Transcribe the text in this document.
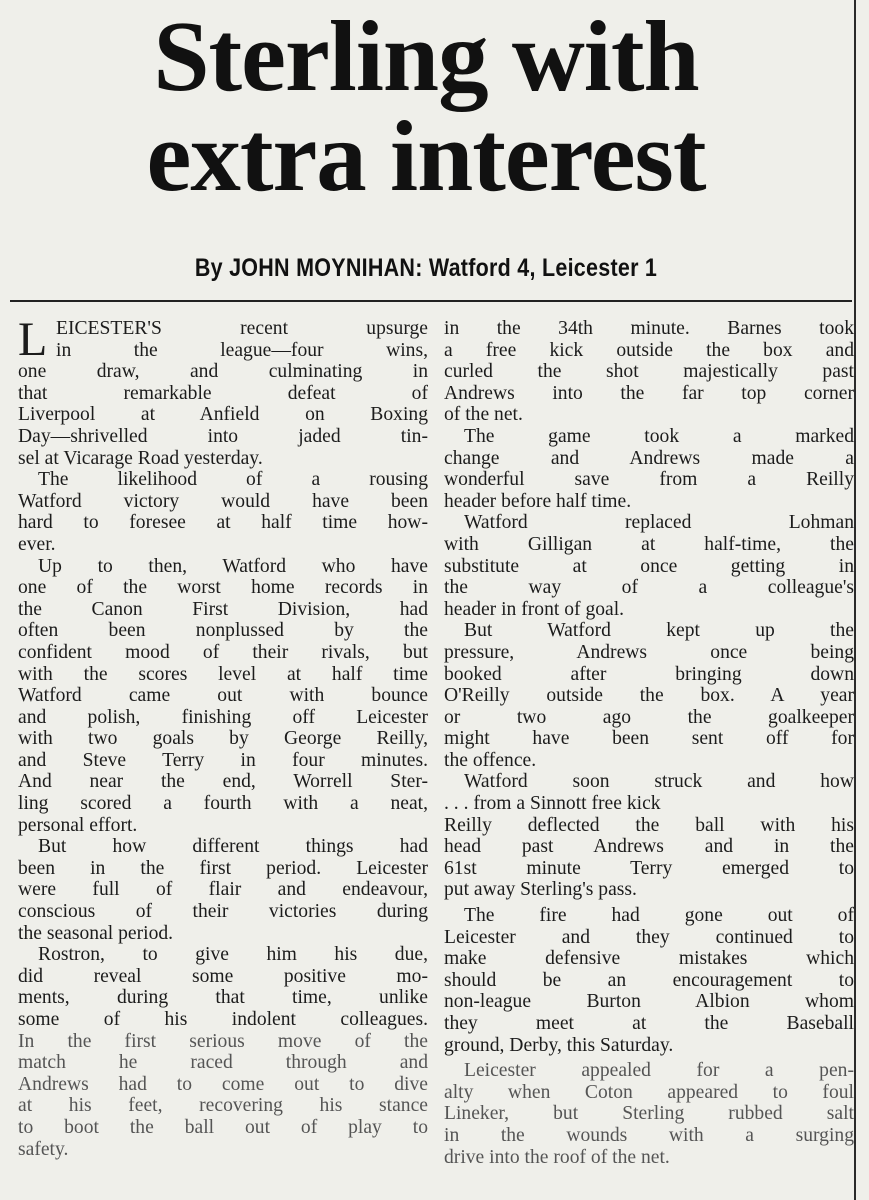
Sterling with
extra interest
By JOHN MOYNIHAN: Watford 4, Leicester 1
L EICESTER'S recent upsurge
in the league—four wins,
one draw, and culminating in
that remarkable defeat of
Liverpool at Anfield on Boxing
Day—shrivelled into jaded tin-
sel at Vicarage Road yesterday.
The likelihood of a rousing
Watford victory would have been
hard to foresee at half time how-
ever.
Up to then, Watford who have
one of the worst home records in
the Canon First Division, had
often been nonplussed by the
confident mood of their rivals, but
with the scores level at half time
Watford came out with bounce
and polish, finishing off Leicester
with two goals by George Reilly,
and Steve Terry in four minutes.
And near the end, Worrell Ster-
ling scored a fourth with a neat,
personal effort.
But how different things had
been in the first period. Leicester
were full of flair and endeavour,
conscious of their victories during
the seasonal period.
Rostron, to give him his due,
did reveal some positive mo-
ments, during that time, unlike
some of his indolent colleagues.
In the first serious move of the
match he raced through and
Andrews had to come out to dive
at his feet, recovering his stance
to boot the ball out of play to
safety.
in the 34th minute. Barnes took
a free kick outside the box and
curled the shot majestically past
Andrews into the far top corner
of the net.
The game took a marked
change and Andrews made a
wonderful save from a Reilly
header before half time.
Watford replaced Lohman
with Gilligan at half-time, the
substitute at once getting in
the way of a colleague's
header in front of goal.
But Watford kept up the
pressure, Andrews once being
booked after bringing down
O'Reilly outside the box. A year
or two ago the goalkeeper
might have been sent off for
the offence.
Watford soon struck and how
. . . from a Sinnott free kick
Reilly deflected the ball with his
head past Andrews and in the
61st minute Terry emerged to
put away Sterling's pass.
The fire had gone out of
Leicester and they continued to
make defensive mistakes which
should be an encouragement to
non-league Burton Albion whom
they meet at the Baseball
ground, Derby, this Saturday.
Leicester appealed for a pen-
alty when Coton appeared to foul
Lineker, but Sterling rubbed salt
in the wounds with a surging
drive into the roof of the net.
